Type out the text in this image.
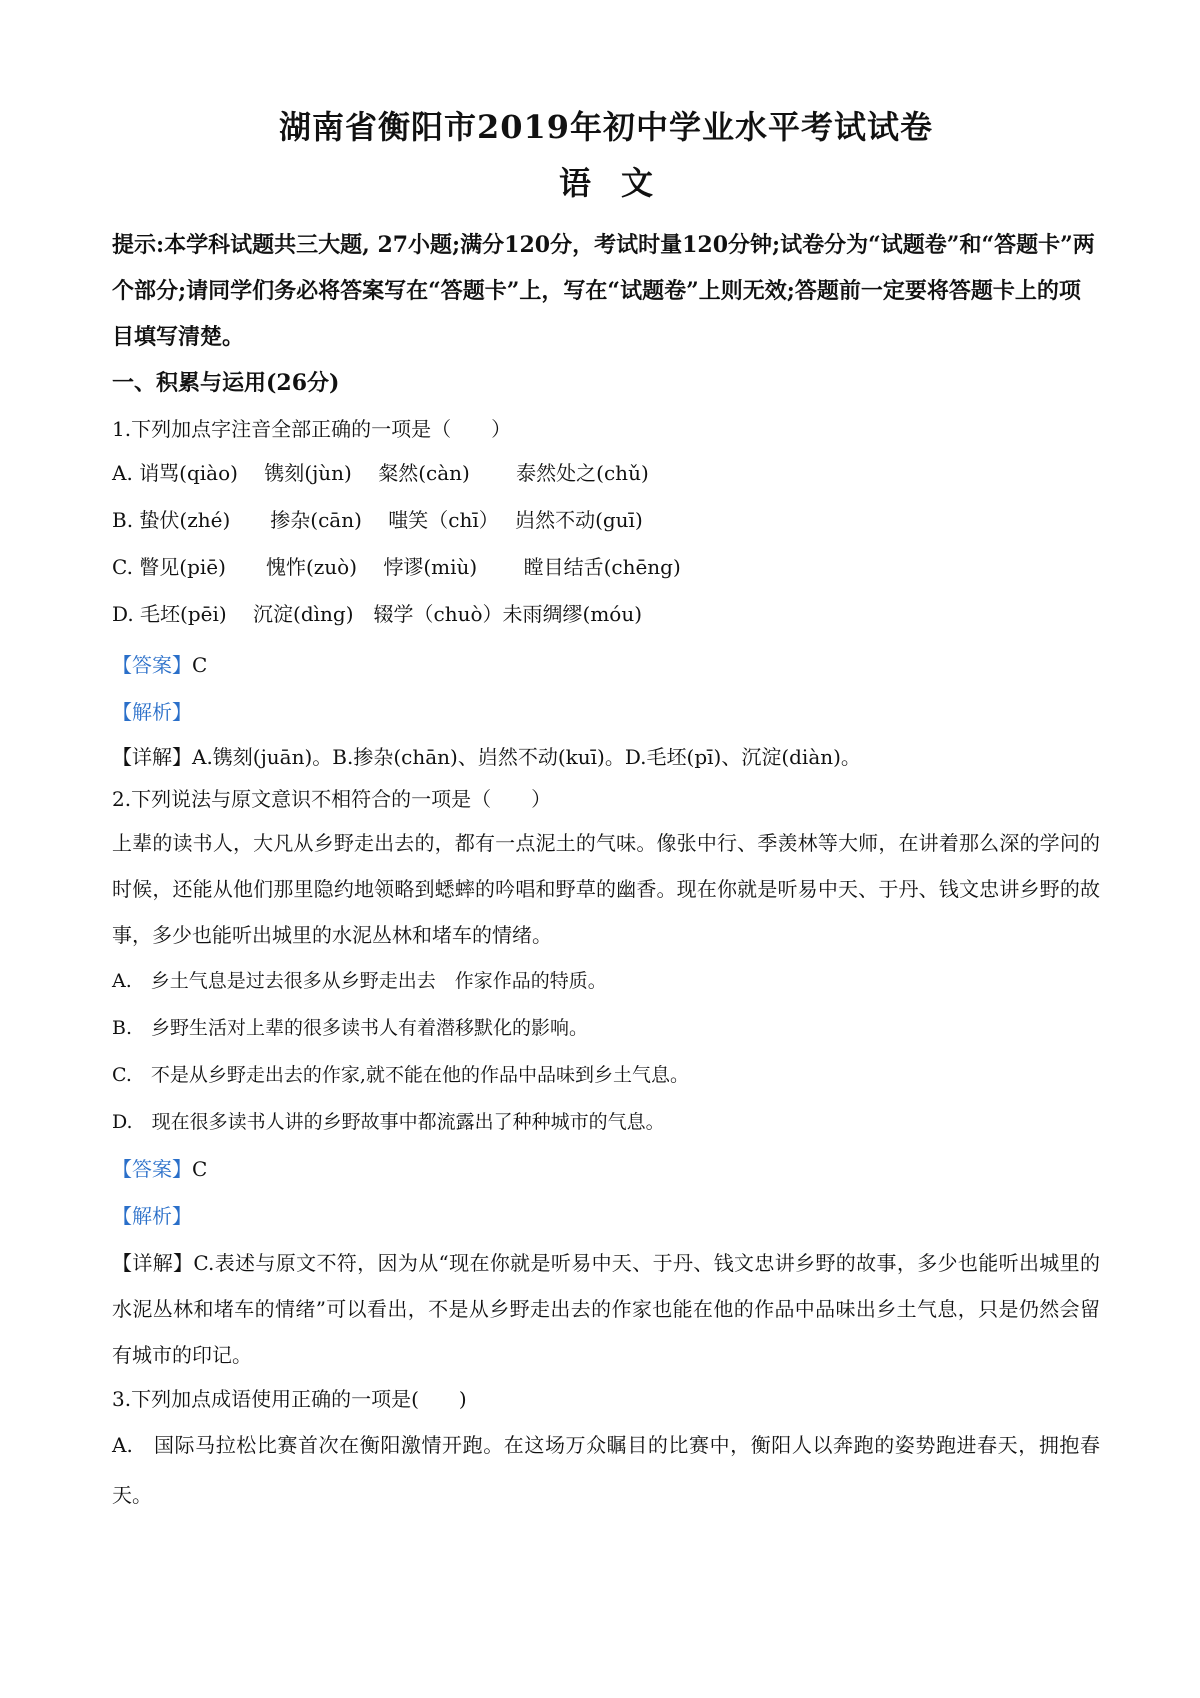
湖南省衡阳市2019年初中学业水平考试试卷
语文

提示:本学科试题共三大题, 27小题;满分120分，考试时量120分钟;试卷分为“试题卷”和“答题卡”两个部分;请同学们务必将答案写在“答题卡”上，写在“试题卷”上则无效;答题前一定要将答题卡上的项目填写清楚。

一、积累与运用(26分)

1.下列加点字注音全部正确的一项是（　　）

A. 诮骂(qiào)　 镌刻(jùn)　 粲然(càn)　　 泰然处之(chǔ)

B. 蛰伏(zhé)　　掺杂(cān)　 嗤笑（chī）　 岿然不动(guī)

C. 瞥见(piē)　　愧怍(zuò)　 悖谬(miù)　　 瞠目结舌(chēng)

D. 毛坯(pēi)　 沉淀(dìng)　辍学（chuò）未雨绸缪(móu)

【答案】C

【解析】

【详解】A.镌刻(juān)。B.掺杂(chān)、岿然不动(kuī)。D.毛坯(pī)、沉淀(diàn)。

2.下列说法与原文意识不相符合的一项是（　　）

上辈的读书人，大凡从乡野走出去的，都有一点泥土的气味。像张中行、季羡林等大师，在讲着那么深的学问的时候，还能从他们那里隐约地领略到蟋蟀的吟唱和野草的幽香。现在你就是听易中天、于丹、钱文忠讲乡野的故事，多少也能听出城里的水泥丛林和堵车的情绪。

A.　乡土气息是过去很多从乡野走出去　作家作品的特质。

B.　乡野生活对上辈的很多读书人有着潜移默化的影响。

C.　不是从乡野走出去的作家,就不能在他的作品中品味到乡土气息。

D.　现在很多读书人讲的乡野故事中都流露出了种种城市的气息。

【答案】C

【解析】

【详解】C.表述与原文不符，因为从“现在你就是听易中天、于丹、钱文忠讲乡野的故事，多少也能听出城里的水泥丛林和堵车的情绪”可以看出，不是从乡野走出去的作家也能在他的作品中品味出乡土气息，只是仍然会留有城市的印记。

3.下列加点成语使用正确的一项是(　　)

A.　国际马拉松比赛首次在衡阳激情开跑。在这场万众瞩目的比赛中，衡阳人以奔跑的姿势跑进春天，拥抱春天。
